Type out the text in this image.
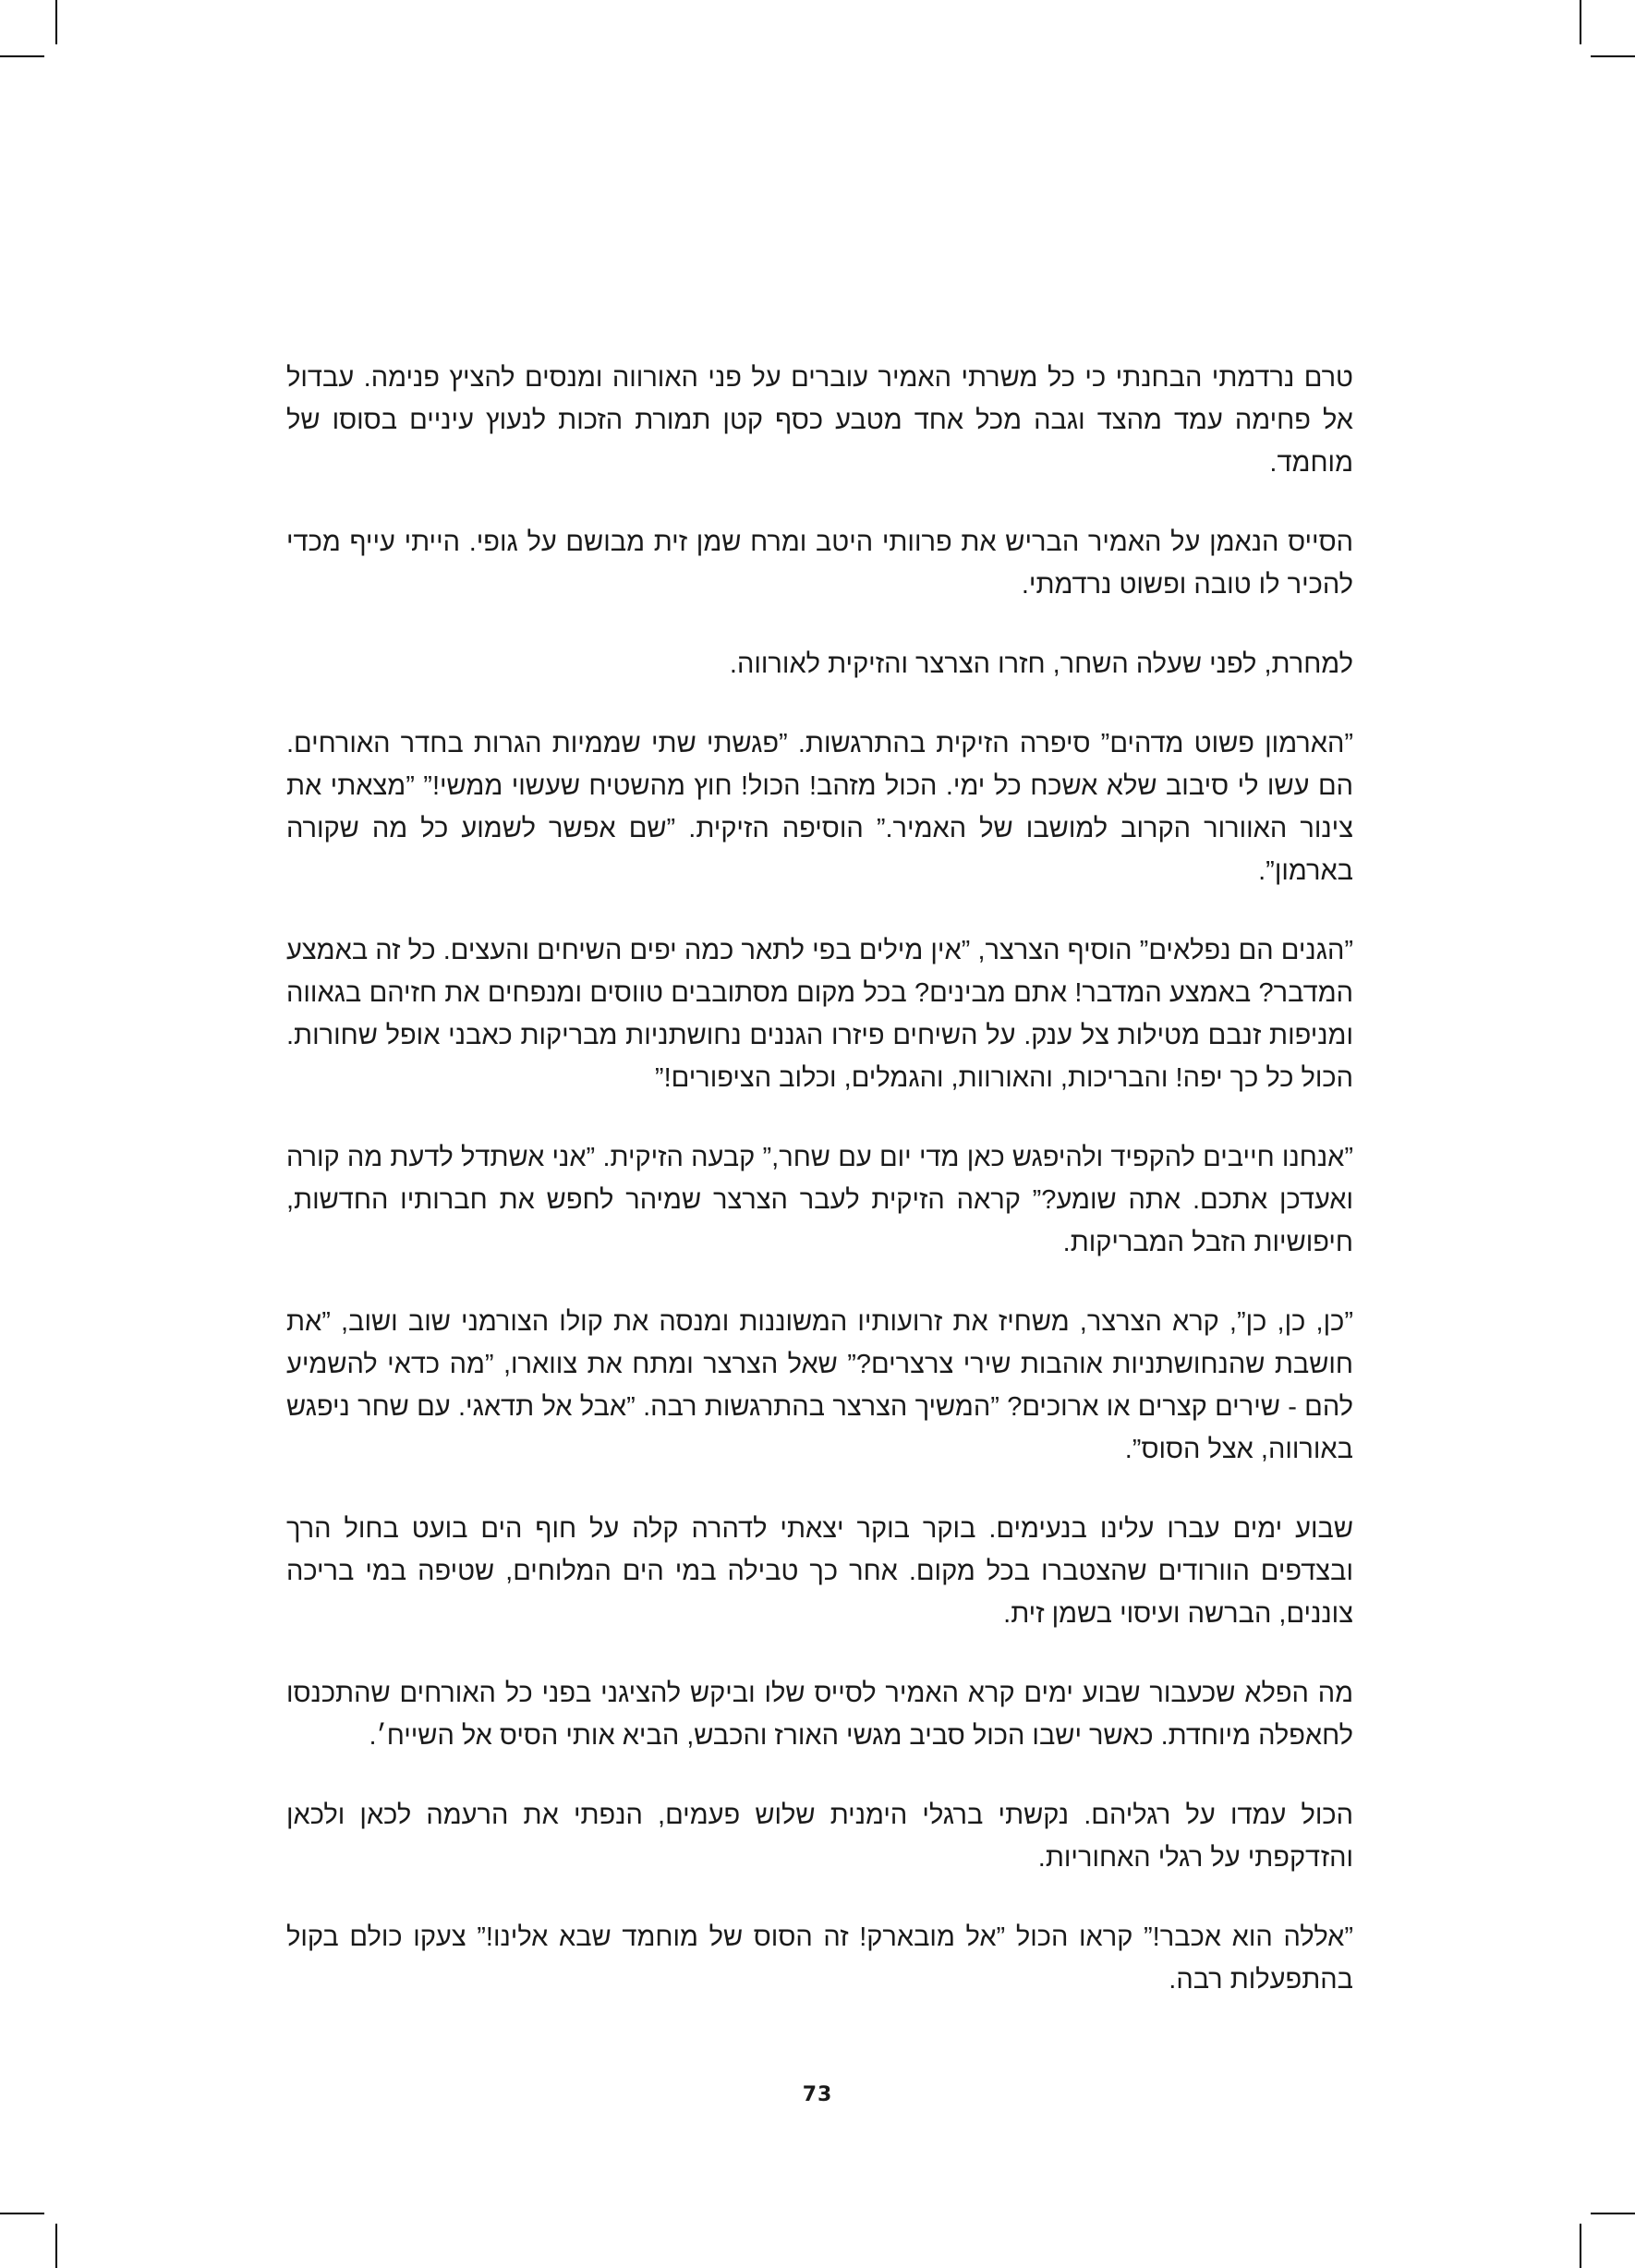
טרם נרדמתי הבחנתי כי כל משרתי האמיר עוברים על פני האורווה ומנסים להציץ פנימה. עבדול אל פחימה עמד מהצד וגבה מכל אחד מטבע כסף קטן תמורת הזכות לנעוץ עיניים בסוסו של מוחמד.

הסייס הנאמן על האמיר הבריש את פרוותי היטב ומרח שמן זית מבושם על גופי. הייתי עייף מכדי להכיר לו טובה ופשוט נרדמתי.

למחרת, לפני שעלה השחר, חזרו הצרצר והזיקית לאורווה.

”הארמון פשוט מדהים” סיפרה הזיקית בהתרגשות. ”פגשתי שתי שממיות הגרות בחדר האורחים. הם עשו לי סיבוב שלא אשכח כל ימי. הכול מזהב! הכול! חוץ מהשטיח שעשוי ממשי!” ”מצאתי את צינור האוורור הקרוב למושבו של האמיר.” הוסיפה הזיקית. ”שם אפשר לשמוע כל מה שקורה בארמון”.

”הגנים הם נפלאים” הוסיף הצרצר, ”אין מילים בפי לתאר כמה יפים השיחים והעצים. כל זה באמצע המדבר? באמצע המדבר! אתם מבינים? בכל מקום מסתובבים טווסים ומנפחים את חזיהם בגאווה ומניפות זנבם מטילות צל ענק. על השיחים פיזרו הגננים נחושתניות מבריקות כאבני אופל שחורות. הכול כל כך יפה! והבריכות, והאורוות, והגמלים, וכלוב הציפורים!”

”אנחנו חייבים להקפיד ולהיפגש כאן מדי יום עם שחר,” קבעה הזיקית. ”אני אשתדל לדעת מה קורה ואעדכן אתכם. אתה שומע?” קראה הזיקית לעבר הצרצר שמיהר לחפש את חברותיו החדשות, חיפושיות הזבל המבריקות.

”כן, כן, כן”, קרא הצרצר, משחיז את זרועותיו המשוננות ומנסה את קולו הצורמני שוב ושוב, ”את חושבת שהנחושתניות אוהבות שירי צרצרים?” שאל הצרצר ומתח את צווארו, ”מה כדאי להשמיע להם - שירים קצרים או ארוכים? ”המשיך הצרצר בהתרגשות רבה. ”אבל אל תדאגי. עם שחר ניפגש באורווה, אצל הסוס”.

שבוע ימים עברו עלינו בנעימים. בוקר בוקר יצאתי לדהרה קלה על חוף הים בועט בחול הרך ובצדפים הוורודים שהצטברו בכל מקום. אחר כך טבילה במי הים המלוחים, שטיפה במי בריכה צוננים, הברשה ועיסוי בשמן זית.

מה הפלא שכעבור שבוע ימים קרא האמיר לסייס שלו וביקש להציגני בפני כל האורחים שהתכנסו לחאפלה מיוחדת. כאשר ישבו הכול סביב מגשי האורז והכבש, הביא אותי הסיס אל השייח׳.

הכול עמדו על רגליהם. נקשתי ברגלי הימנית שלוש פעמים, הנפתי את הרעמה לכאן ולכאן והזדקפתי על רגלי האחוריות.

”אללה הוא אכבר!” קראו הכול ”אל מובארק! זה הסוס של מוחמד שבא אלינו!” צעקו כולם בקול בהתפעלות רבה.

73
